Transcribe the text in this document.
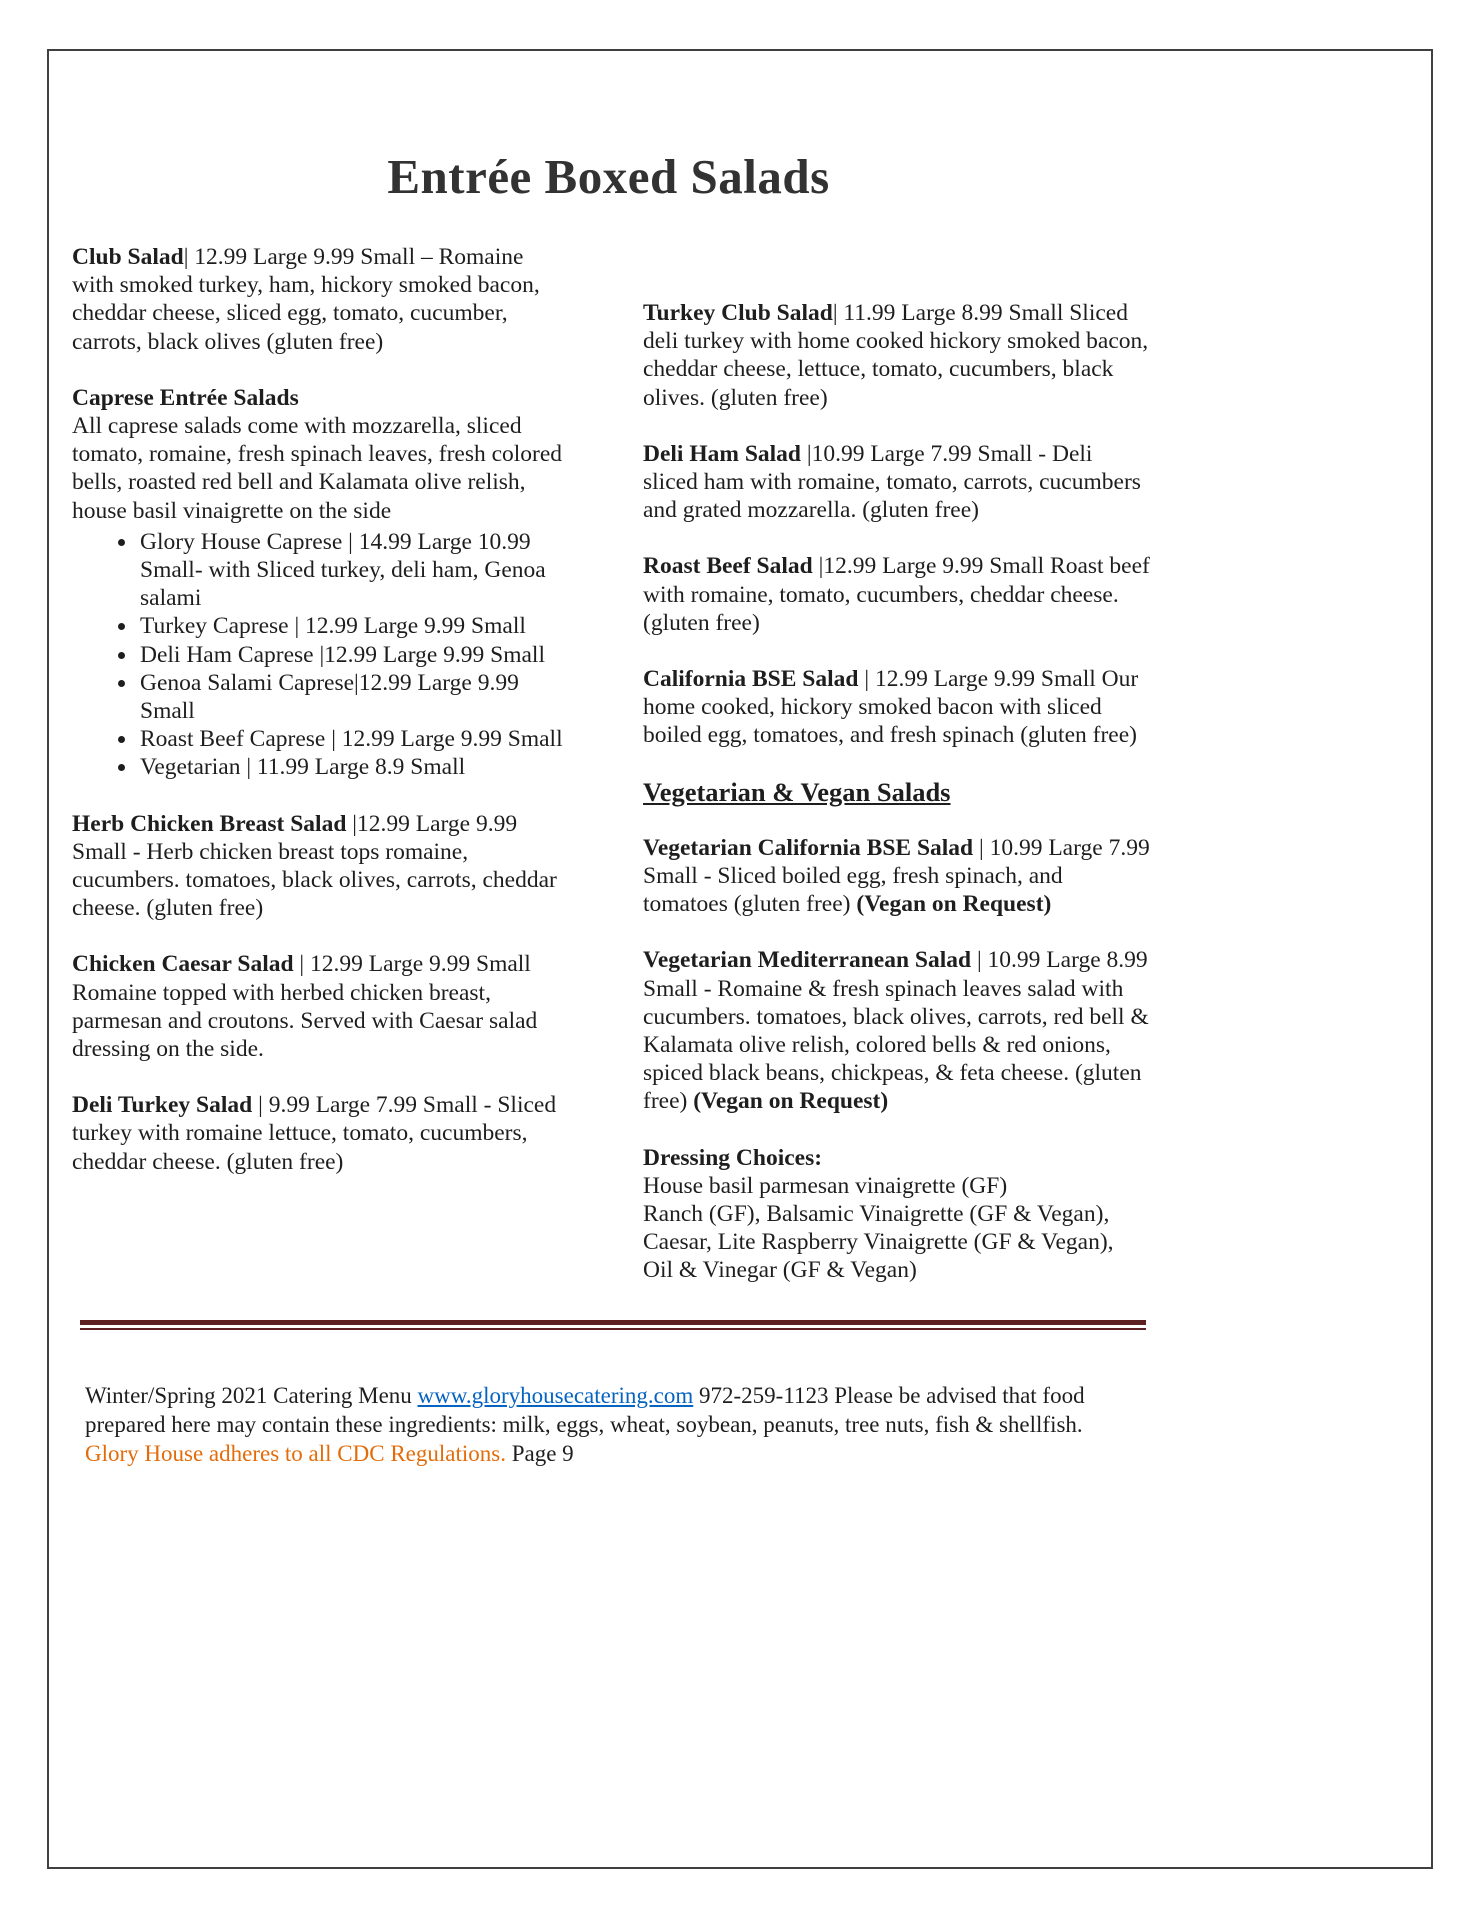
Entrée Boxed Salads

Club Salad| 12.99 Large 9.99 Small – Romaine with smoked turkey, ham, hickory smoked bacon, cheddar cheese, sliced egg, tomato, cucumber, carrots, black olives (gluten free)

Caprese Entrée Salads
All caprese salads come with mozzarella, sliced tomato, romaine, fresh spinach leaves, fresh colored bells, roasted red bell and Kalamata olive relish, house basil vinaigrette on the side

• Glory House Caprese | 14.99 Large 10.99 Small- with Sliced turkey, deli ham, Genoa salami
• Turkey Caprese | 12.99 Large 9.99 Small
• Deli Ham Caprese |12.99 Large 9.99 Small
• Genoa Salami Caprese|12.99 Large 9.99 Small
• Roast Beef Caprese | 12.99 Large 9.99 Small
• Vegetarian | 11.99 Large 8.9 Small

Herb Chicken Breast Salad |12.99 Large 9.99 Small - Herb chicken breast tops romaine, cucumbers. tomatoes, black olives, carrots, cheddar cheese. (gluten free)

Chicken Caesar Salad | 12.99 Large 9.99 Small Romaine topped with herbed chicken breast, parmesan and croutons. Served with Caesar salad dressing on the side.

Deli Turkey Salad | 9.99 Large 7.99 Small - Sliced turkey with romaine lettuce, tomato, cucumbers, cheddar cheese. (gluten free)

Turkey Club Salad| 11.99 Large 8.99 Small Sliced deli turkey with home cooked hickory smoked bacon, cheddar cheese, lettuce, tomato, cucumbers, black olives. (gluten free)

Deli Ham Salad |10.99 Large 7.99 Small - Deli sliced ham with romaine, tomato, carrots, cucumbers and grated mozzarella. (gluten free)

Roast Beef Salad |12.99 Large 9.99 Small Roast beef with romaine, tomato, cucumbers, cheddar cheese. (gluten free)

California BSE Salad | 12.99 Large 9.99 Small Our home cooked, hickory smoked bacon with sliced boiled egg, tomatoes, and fresh spinach (gluten free)

Vegetarian & Vegan Salads

Vegetarian California BSE Salad | 10.99 Large 7.99 Small - Sliced boiled egg, fresh spinach, and tomatoes (gluten free) (Vegan on Request)

Vegetarian Mediterranean Salad | 10.99 Large 8.99 Small - Romaine & fresh spinach leaves salad with cucumbers. tomatoes, black olives, carrots, red bell & Kalamata olive relish, colored bells & red onions, spiced black beans, chickpeas, & feta cheese. (gluten free) (Vegan on Request)

Dressing Choices:
House basil parmesan vinaigrette (GF)
Ranch (GF), Balsamic Vinaigrette (GF & Vegan),
Caesar, Lite Raspberry Vinaigrette (GF & Vegan),
Oil & Vinegar (GF & Vegan)

Winter/Spring 2021 Catering Menu www.gloryhousecatering.com 972-259-1123 Please be advised that food prepared here may contain these ingredients: milk, eggs, wheat, soybean, peanuts, tree nuts, fish & shellfish. Glory House adheres to all CDC Regulations. Page 9
